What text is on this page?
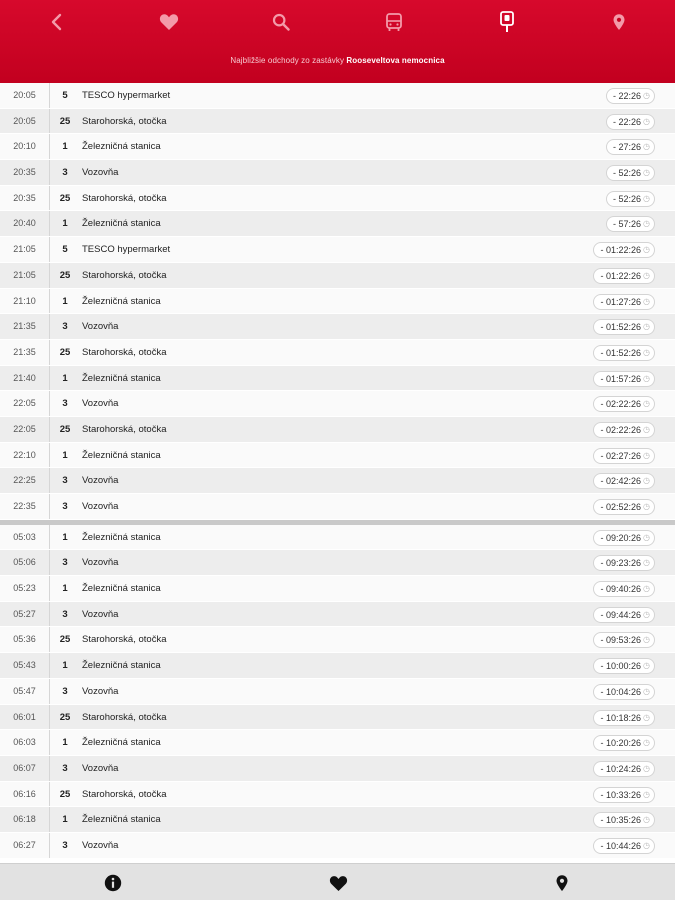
Najbližšie odchody zo zastávky Rooseveltova nemocnica
20:05	5	TESCO hypermarket	- 22:26 ◷
20:05	25	Starohorská, otočka	- 22:26 ◷
20:10	1	Železničná stanica	- 27:26 ◷
20:35	3	Vozovňa	- 52:26 ◷
20:35	25	Starohorská, otočka	- 52:26 ◷
20:40	1	Železničná stanica	- 57:26 ◷
21:05	5	TESCO hypermarket	- 01:22:26 ◷
21:05	25	Starohorská, otočka	- 01:22:26 ◷
21:10	1	Železničná stanica	- 01:27:26 ◷
21:35	3	Vozovňa	- 01:52:26 ◷
21:35	25	Starohorská, otočka	- 01:52:26 ◷
21:40	1	Železničná stanica	- 01:57:26 ◷
22:05	3	Vozovňa	- 02:22:26 ◷
22:05	25	Starohorská, otočka	- 02:22:26 ◷
22:10	1	Železničná stanica	- 02:27:26 ◷
22:25	3	Vozovňa	- 02:42:26 ◷
22:35	3	Vozovňa	- 02:52:26 ◷
05:03	1	Železničná stanica	- 09:20:26 ◷
05:06	3	Vozovňa	- 09:23:26 ◷
05:23	1	Železničná stanica	- 09:40:26 ◷
05:27	3	Vozovňa	- 09:44:26 ◷
05:36	25	Starohorská, otočka	- 09:53:26 ◷
05:43	1	Železničná stanica	- 10:00:26 ◷
05:47	3	Vozovňa	- 10:04:26 ◷
06:01	25	Starohorská, otočka	- 10:18:26 ◷
06:03	1	Železničná stanica	- 10:20:26 ◷
06:07	3	Vozovňa	- 10:24:26 ◷
06:16	25	Starohorská, otočka	- 10:33:26 ◷
06:18	1	Železničná stanica	- 10:35:26 ◷
06:27	3	Vozovňa	- 10:44:26 ◷
